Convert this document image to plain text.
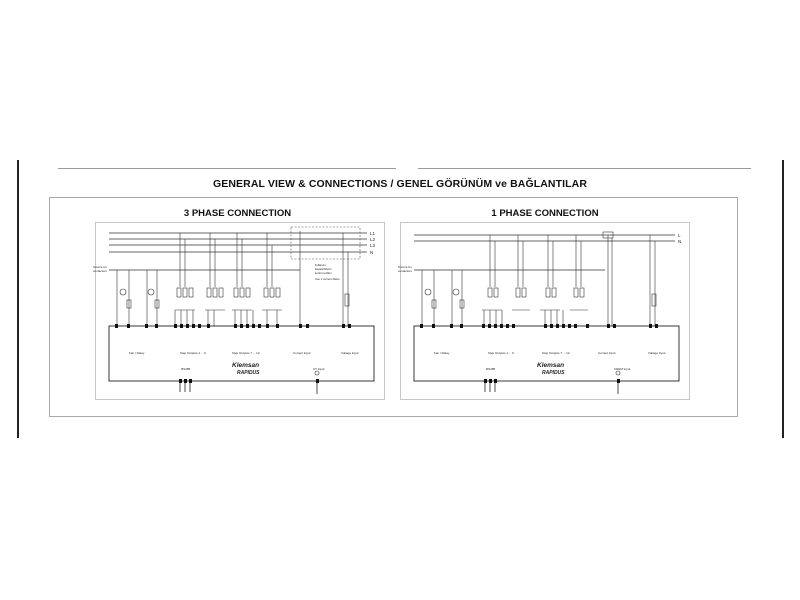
GENERAL VIEW & CONNECTIONS / GENEL GÖRÜNÜM ve BAĞLANTILAR
3 PHASE CONNECTION	1 PHASE CONNECTION
L1
L2
L3
N
Source for
contactors
Kullanım
kapasitörlerin
kontrol edilen
Use 1 current Meter
Fan / Relay	Step Outputs 1 ... 6	Step Outputs 7 ... 12	Current Input	Voltage Input
Klemsan
RAPIDUS
RS485	CT Input
L
N
Source for
contactors
Fan / Relay	Step Outputs 1 ... 6	Step Outputs 7 ... 12	Current Input	Voltage Input
Klemsan
RAPIDUS
RS485	CDEM Input
